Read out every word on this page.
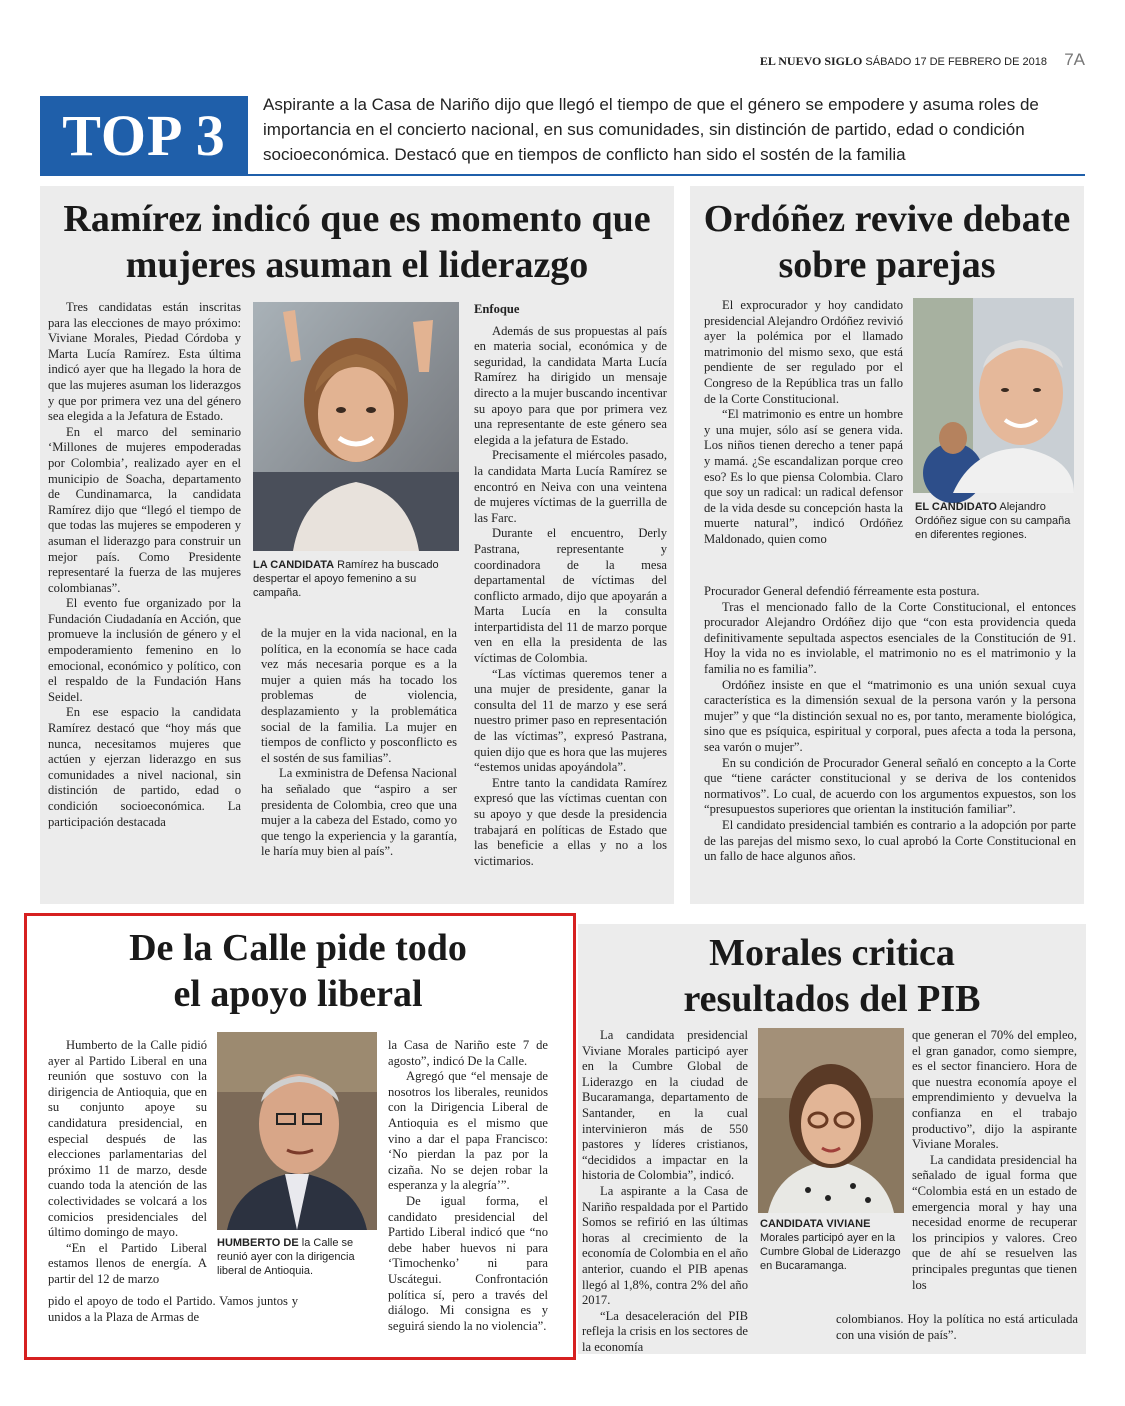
EL NUEVO SIGLO SÁBADO 17 DE FEBRERO DE 2018 7A
TOP 3	Aspirante a la Casa de Nariño dijo que llegó el tiempo de que el género se empodere y asuma roles de importancia en el concierto nacional, en sus comunidades, sin distinción de partido, edad o condición socioeconómica. Destacó que en tiempos de conflicto han sido el sostén de la familia
Ramírez indicó que es momento que
mujeres asuman el liderazgo

Tres candidatas están inscritas para las elecciones de mayo próximo: Viviane Morales, Piedad Córdoba y Marta Lucía Ramírez. Esta última indicó ayer que ha llegado la hora de que las mujeres asuman los liderazgos y que por primera vez una del género sea elegida a la Jefatura de Estado.

En el marco del seminario ‘Millones de mujeres empoderadas por Colombia’, realizado ayer en el municipio de Soacha, departamento de Cundinamarca, la candidata Ramírez dijo que “llegó el tiempo de que todas las mujeres se empoderen y asuman el liderazgo para construir un mejor país. Como Presidente representaré la fuerza de las mujeres colombianas”.

El evento fue organizado por la Fundación Ciudadanía en Acción, que promueve la inclusión de género y el empoderamiento femenino en lo emocional, económico y político, con el respaldo de la Fundación Hans Seidel.

En ese espacio la candidata Ramírez destacó que “hoy más que nunca, necesitamos mujeres que actúen y ejerzan liderazgo en sus comunidades a nivel nacional, sin distinción de partido, edad o condición socioeconómica. La participación destacada

LA CANDIDATA Ramírez ha buscado despertar el apoyo femenino a su campaña.

de la mujer en la vida nacional, en la política, en la economía se hace cada vez más necesaria porque es a la mujer a quien más ha tocado los problemas de violencia, desplazamiento y la problemática social de la familia. La mujer en tiempos de conflicto y posconflicto es el sostén de sus familias”.

La exministra de Defensa Nacional ha señalado que “aspiro a ser presidenta de Colombia, creo que una mujer a la cabeza del Estado, como yo que tengo la experiencia y la garantía, le haría muy bien al país”.

Enfoque

Además de sus propuestas al país en materia social, económica y de seguridad, la candidata Marta Lucía Ramírez ha dirigido un mensaje directo a la mujer buscando incentivar su apoyo para que por primera vez una representante de este género sea elegida a la jefatura de Estado.

Precisamente el miércoles pasado, la candidata Marta Lucía Ramírez se encontró en Neiva con una veintena de mujeres víctimas de la guerrilla de las Farc.

Durante el encuentro, Derly Pastrana, representante y coordinadora de la mesa departamental de víctimas del conflicto armado, dijo que apoyarán a Marta Lucía en la consulta interpartidista del 11 de marzo porque ven en ella la presidenta de las víctimas de Colombia.

“Las víctimas queremos tener a una mujer de presidente, ganar la consulta del 11 de marzo y ese será nuestro primer paso en representación de las víctimas”, expresó Pastrana, quien dijo que es hora que las mujeres “estemos unidas apoyándola”.

Entre tanto la candidata Ramírez expresó que las víctimas cuentan con su apoyo y que desde la presidencia trabajará en políticas de Estado que las beneficie a ellas y no a los victimarios.

Ordóñez revive debate
sobre parejas

El exprocurador y hoy candidato presidencial Alejandro Ordóñez revivió ayer la polémica por el llamado matrimonio del mismo sexo, que está pendiente de ser regulado por el Congreso de la República tras un fallo de la Corte Constitucional.

“El matrimonio es entre un hombre y una mujer, sólo así se genera vida. Los niños tienen derecho a tener papá y mamá. ¿Se escandalizan porque creo eso? Es lo que piensa Colombia. Claro que soy un radical: un radical defensor de la vida desde su concepción hasta la muerte natural”, indicó Ordóñez Maldonado, quien como

EL CANDIDATO Alejandro Ordóñez sigue con su campaña en diferentes regiones.

Procurador General defendió férreamente esta postura.

Tras el mencionado fallo de la Corte Constitucional, el entonces procurador Alejandro Ordóñez dijo que “con esta providencia queda definitivamente sepultada aspectos esenciales de la Constitución de 91. Hoy la vida no es inviolable, el matrimonio no es el matrimonio y la familia no es familia”.

Ordóñez insiste en que el “matrimonio es una unión sexual cuya característica es la dimensión sexual de la persona varón y la persona mujer” y que “la distinción sexual no es, por tanto, meramente biológica, sino que es psíquica, espiritual y corporal, pues afecta a toda la persona, sea varón o mujer”.

En su condición de Procurador General señaló en concepto a la Corte que “tiene carácter constitucional y se deriva de los contenidos normativos”. Lo cual, de acuerdo con los argumentos expuestos, son los “presupuestos superiores que orientan la institución familiar”.

El candidato presidencial también es contrario a la adopción por parte de las parejas del mismo sexo, lo cual aprobó la Corte Constitucional en un fallo de hace algunos años.

De la Calle pide todo
el apoyo liberal

Humberto de la Calle pidió ayer al Partido Liberal en una reunión que sostuvo con la dirigencia de Antioquia, que en su conjunto apoye su candidatura presidencial, en especial después de las elecciones parlamentarias del próximo 11 de marzo, desde cuando toda la atención de las colectividades se volcará a los comicios presidenciales del último domingo de mayo.

“En el Partido Liberal estamos llenos de energía. A partir del 12 de marzo

HUMBERTO DE la Calle se reunió ayer con la dirigencia liberal de Antioquia.

la Casa de Nariño este 7 de agosto”, indicó De la Calle.

Agregó que “el mensaje de nosotros los liberales, reunidos con la Dirigencia Liberal de Antioquia es el mismo que vino a dar el papa Francisco: ‘No pierdan la paz por la cizaña. No se dejen robar la esperanza y la alegría’”.

De igual forma, el candidato presidencial del Partido Liberal indicó que “no debe haber huevos ni para ‘Timochenko’ ni para Uscátegui. Confrontación política sí, pero a través del diálogo. Mi consigna es y seguirá siendo la no violencia”.

pido el apoyo de todo el Partido. Vamos juntos y unidos a la Plaza de Armas de

Morales critica
resultados del PIB

La candidata presidencial Viviane Morales participó ayer en la Cumbre Global de Liderazgo en la ciudad de Bucaramanga, departamento de Santander, en la cual intervinieron más de 550 pastores y líderes cristianos, “decididos a impactar en la historia de Colombia”, indicó.

La aspirante a la Casa de Nariño respaldada por el Partido Somos se refirió en las últimas horas al crecimiento de la economía de Colombia en el año anterior, cuando el PIB apenas llegó al 1,8%, contra 2% del año 2017.

“La desaceleración del PIB refleja la crisis en los sectores de la economía

CANDIDATA VIVIANE
Morales participó ayer en la Cumbre Global de Liderazgo en Bucaramanga.

que generan el 70% del empleo, el gran ganador, como siempre, es el sector financiero. Hora de que nuestra economía apoye el emprendimiento y devuelva la confianza en el trabajo productivo”, dijo la aspirante Viviane Morales.

La candidata presidencial ha señalado de igual forma que “Colombia está en un estado de emergencia moral y hay una necesidad enorme de recuperar los principios y valores. Creo que de ahí se resuelven las principales preguntas que tienen los

colombianos. Hoy la política no está articulada con una visión de país”.
